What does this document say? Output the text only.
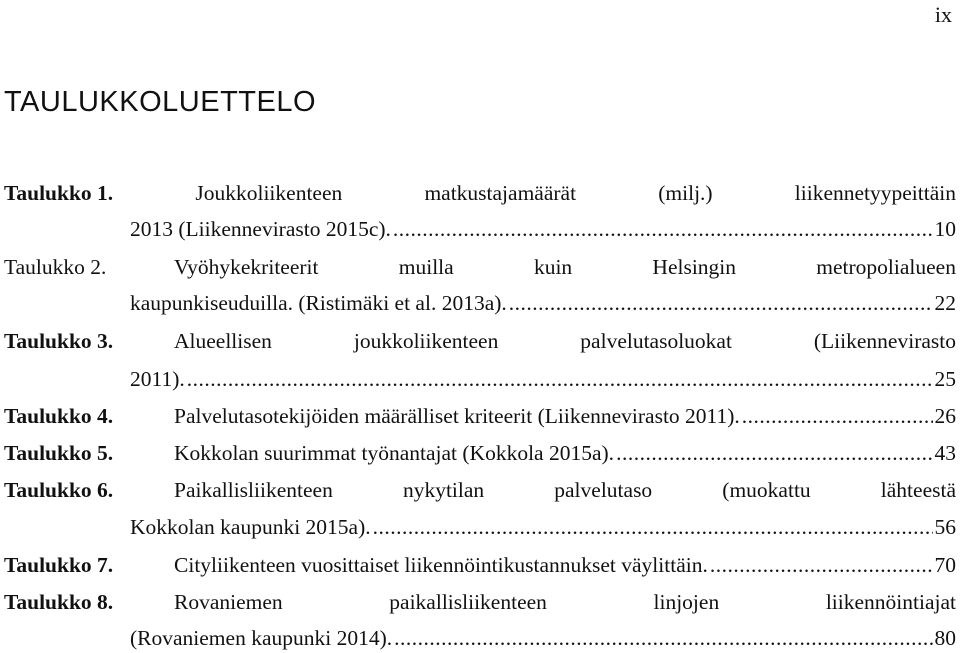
ix
TAULUKKOLUETTELO
Taulukko 1.	Joukkoliikenteen	matkustajamäärät	(milj.)	liikennetyypeittäin
2013 (Liikennevirasto 2015c). .....	10
Taulukko 2.	Vyöhykekriteerit	muilla	kuin	Helsingin	metropolialueen
kaupunkiseuduilla. (Ristimäki et al. 2013a). .....	22
Taulukko 3.	Alueellisen	joukkoliikenteen	palvelutasoluokat	(Liikennevirasto
2011). .....	25
Taulukko 4.	Palvelutasotekijöiden määrälliset kriteerit (Liikennevirasto 2011). .....	26
Taulukko 5.	Kokkolan suurimmat työnantajat (Kokkola 2015a). .....	43
Taulukko 6.	Paikallisliikenteen	nykytilan	palvelutaso	(muokattu	lähteestä
Kokkolan kaupunki 2015a). .....	56
Taulukko 7.	Cityliikenteen vuosittaiset liikennöintikustannukset väylittäin. .....	70
Taulukko 8.	Rovaniemen	paikallisliikenteen	linjojen	liikennöintiajat
(Rovaniemen kaupunki 2014). .....	80
